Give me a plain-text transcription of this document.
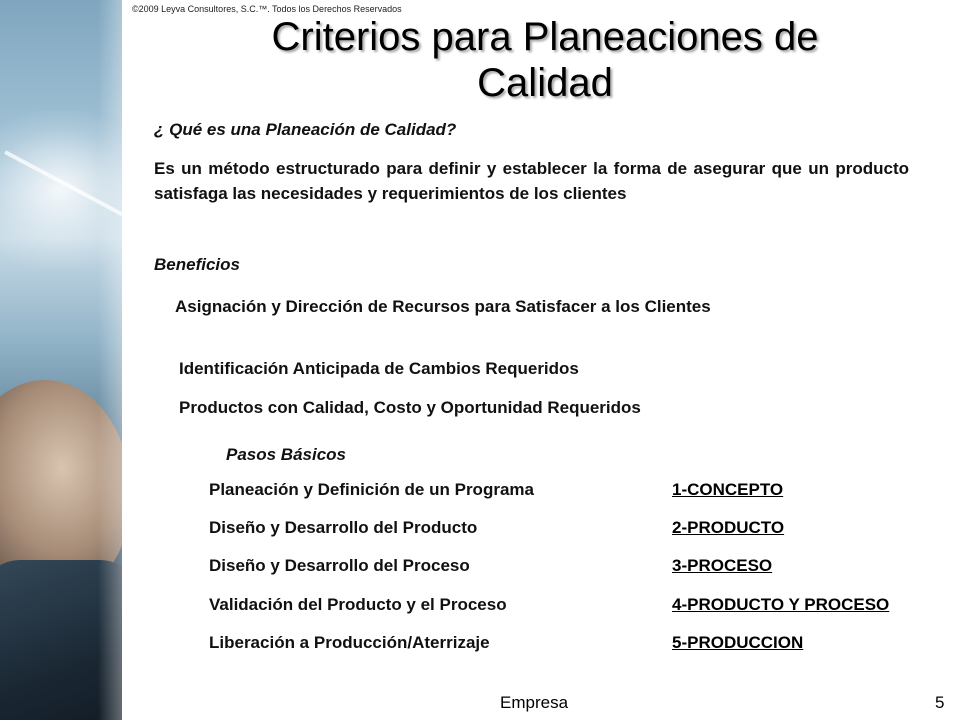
©2009 Leyva Consultores, S.C.™. Todos los Derechos Reservados
Criterios para Planeaciones de Calidad

¿ Qué es una Planeación de Calidad?

Es un método estructurado para definir y establecer la forma de asegurar que un producto satisfaga las necesidades y requerimientos de los clientes

Beneficios

Asignación y Dirección de Recursos para Satisfacer a los Clientes

Identificación Anticipada de Cambios Requeridos

Productos con Calidad, Costo y Oportunidad Requeridos

Pasos Básicos

Planeación y Definición de un Programa	1-CONCEPTO
Diseño y Desarrollo del Producto	2-PRODUCTO
Diseño y Desarrollo del Proceso	3-PROCESO
Validación del Producto y el Proceso	4-PRODUCTO Y PROCESO
Liberación a Producción/Aterrizaje	5-PRODUCCION
Empresa	5
